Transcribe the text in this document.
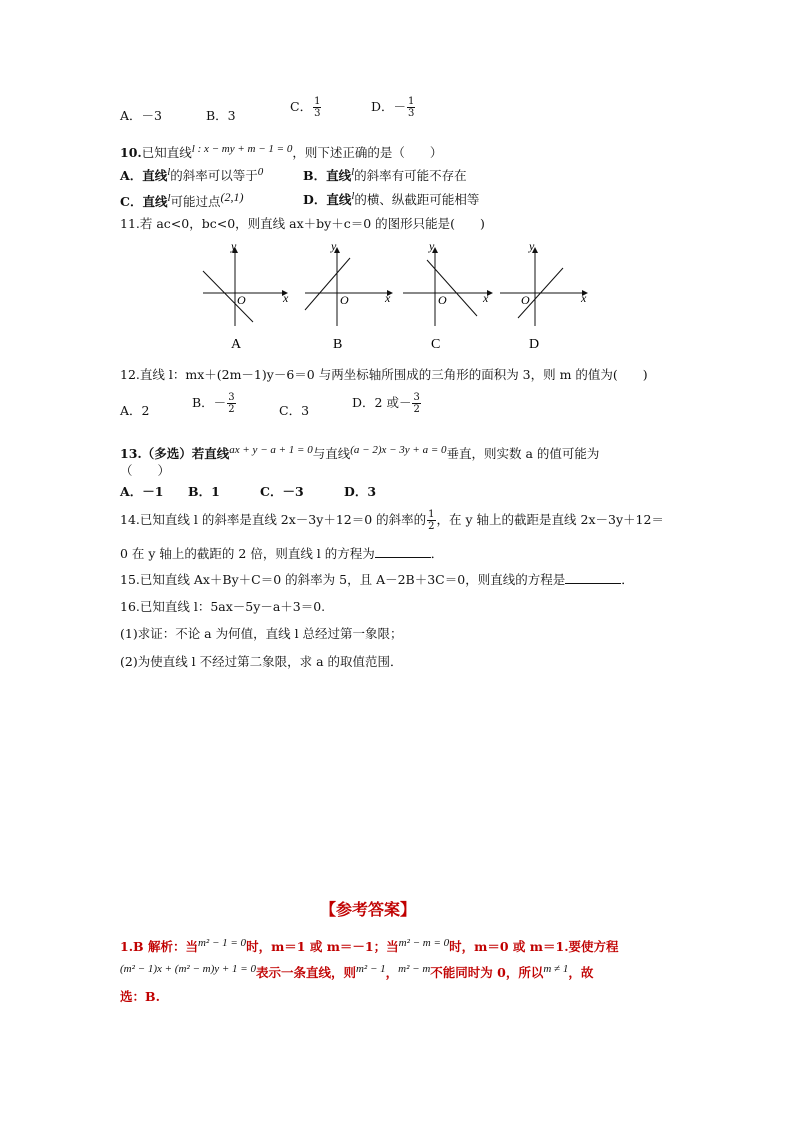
A．－3	B．3
C． $\frac{1}{3}$	D．－ $\frac{1}{3}$
10.已知直线l : x − my + m − 1 = 0，则下述正确的是（　　）
A．直线l的斜率可以等于0	B．直线l的斜率有可能不存在
C．直线l可能过点(2,1)	D．直线l的横、纵截距可能相等
11.若 ac<0，bc<0，则直线 ax＋by＋c＝0 的图形只能是(　　)
y
x
O
A
y
x
O
B
y
x
O
C
y
x
O
D
12.直线 l：mx＋(2m－1)y－6＝0 与两坐标轴所围成的三角形的面积为 3，则 m 的值为(　　)
A．2
B．－ $\frac{3}{2}$	C．3
D．2 或－ $\frac{3}{2}$
13.（多选）若直线ax + y − a + 1 = 0与直线(a − 2)x − 3y + a = 0垂直，则实数 a 的值可能为
（　　）
A．－1 B．1	C．－3	D．3
14.已知直线 l 的斜率是直线 2x－3y＋12＝0 的斜率的 $\frac{1}{2}$ ，在 y 轴上的截距是直线 2x－3y＋12＝
0 在 y 轴上的截距的 2 倍，则直线 l 的方程为	．
15.已知直线 Ax＋By＋C＝0 的斜率为 5，且 A－2B＋3C＝0，则直线的方程是	．
16.已知直线 l：5ax－5y－a＋3＝0.
(1)求证：不论 a 为何值，直线 l 总经过第一象限；
(2)为使直线 l 不经过第二象限，求 a 的取值范围．
【参考答案】
1.B 解析：当m² − 1 = 0时，m＝1 或 m＝－1；当m² − m = 0时，m＝0 或 m＝1.要使方程
(m² − 1)x + (m² − m)y + 1 = 0表示一条直线，则m² − 1，m² − m不能同时为 0，所以m ≠ 1，故
选：B.
